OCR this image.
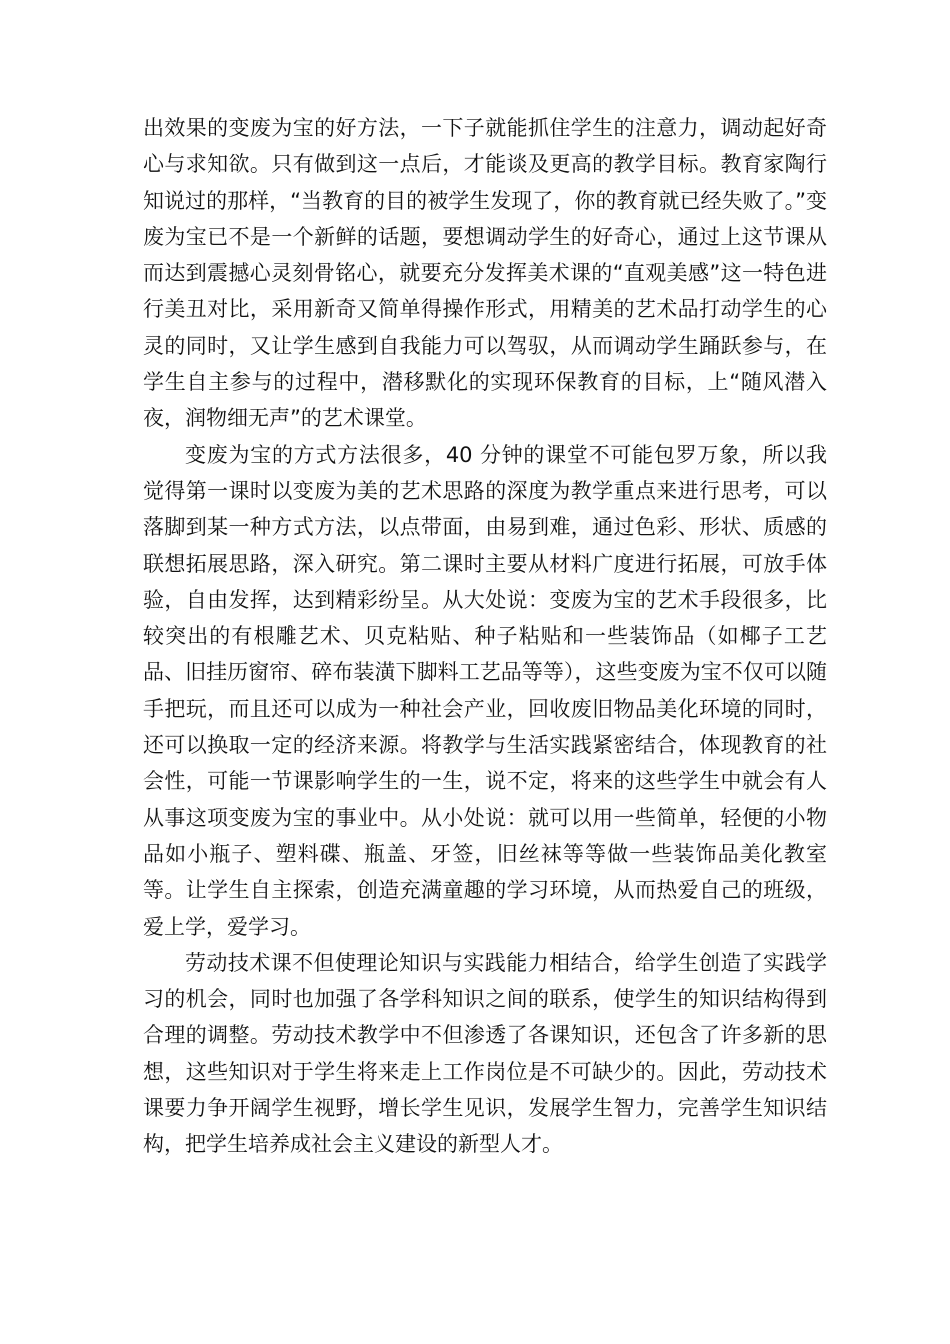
出效果的变废为宝的好方法，一下子就能抓住学生的注意力，调动起好奇心与求知欲。只有做到这一点后，才能谈及更高的教学目标。教育家陶行知说过的那样，“当教育的目的被学生发现了，你的教育就已经失败了。”变废为宝已不是一个新鲜的话题，要想调动学生的好奇心，通过上这节课从而达到震撼心灵刻骨铭心，就要充分发挥美术课的“直观美感”这一特色进行美丑对比，采用新奇又简单得操作形式，用精美的艺术品打动学生的心灵的同时，又让学生感到自我能力可以驾驭，从而调动学生踊跃参与，在学生自主参与的过程中，潜移默化的实现环保教育的目标，上“随风潜入夜，润物细无声”的艺术课堂。

变废为宝的方式方法很多，40 分钟的课堂不可能包罗万象，所以我觉得第一课时以变废为美的艺术思路的深度为教学重点来进行思考，可以落脚到某一种方式方法，以点带面，由易到难，通过色彩、形状、质感的联想拓展思路，深入研究。第二课时主要从材料广度进行拓展，可放手体验，自由发挥，达到精彩纷呈。从大处说：变废为宝的艺术手段很多，比较突出的有根雕艺术、贝克粘贴、种子粘贴和一些装饰品（如椰子工艺品、旧挂历窗帘、碎布装潢下脚料工艺品等等），这些变废为宝不仅可以随手把玩，而且还可以成为一种社会产业，回收废旧物品美化环境的同时，还可以换取一定的经济来源。将教学与生活实践紧密结合，体现教育的社会性，可能一节课影响学生的一生，说不定，将来的这些学生中就会有人从事这项变废为宝的事业中。从小处说：就可以用一些简单，轻便的小物品如小瓶子、塑料碟、瓶盖、牙签，旧丝袜等等做一些装饰品美化教室等。让学生自主探索，创造充满童趣的学习环境，从而热爱自己的班级，爱上学，爱学习。

劳动技术课不但使理论知识与实践能力相结合，给学生创造了实践学习的机会，同时也加强了各学科知识之间的联系，使学生的知识结构得到合理的调整。劳动技术教学中不但渗透了各课知识，还包含了许多新的思想，这些知识对于学生将来走上工作岗位是不可缺少的。因此，劳动技术课要力争开阔学生视野，增长学生见识，发展学生智力，完善学生知识结构，把学生培养成社会主义建设的新型人才。
